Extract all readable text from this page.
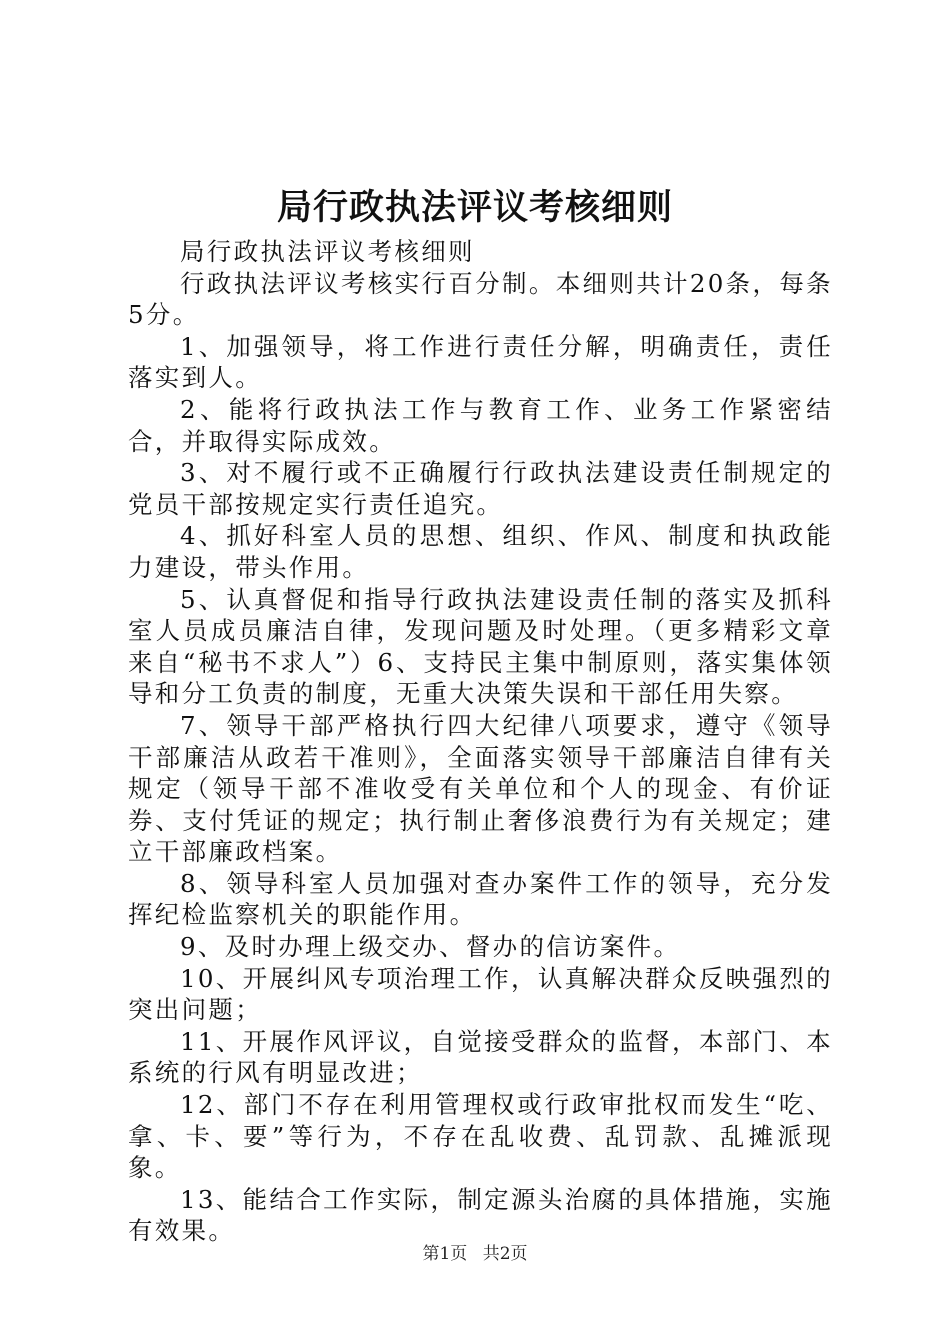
局行政执法评议考核细则

局行政执法评议考核细则

行政执法评议考核实行百分制。本细则共计20条，每条5分。

1、加强领导，将工作进行责任分解，明确责任，责任落实到人。

2、能将行政执法工作与教育工作、业务工作紧密结合，并取得实际成效。

3、对不履行或不正确履行行政执法建设责任制规定的党员干部按规定实行责任追究。

4、抓好科室人员的思想、组织、作风、制度和执政能力建设，带头作用。

5、认真督促和指导行政执法建设责任制的落实及抓科室人员成员廉洁自律，发现问题及时处理。（更多精彩文章来自“秘书不求人”）6、支持民主集中制原则，落实集体领导和分工负责的制度，无重大决策失误和干部任用失察。

7、领导干部严格执行四大纪律八项要求，遵守《领导干部廉洁从政若干准则》，全面落实领导干部廉洁自律有关规定（领导干部不准收受有关单位和个人的现金、有价证券、支付凭证的规定；执行制止奢侈浪费行为有关规定；建立干部廉政档案。

8、领导科室人员加强对查办案件工作的领导，充分发挥纪检监察机关的职能作用。

9、及时办理上级交办、督办的信访案件。

10、开展纠风专项治理工作，认真解决群众反映强烈的突出问题；

11、开展作风评议，自觉接受群众的监督，本部门、本系统的行风有明显改进；

12、部门不存在利用管理权或行政审批权而发生“吃、拿、卡、要”等行为，不存在乱收费、乱罚款、乱摊派现象。

13、能结合工作实际，制定源头治腐的具体措施，实施有效果。

第1页 共2页
